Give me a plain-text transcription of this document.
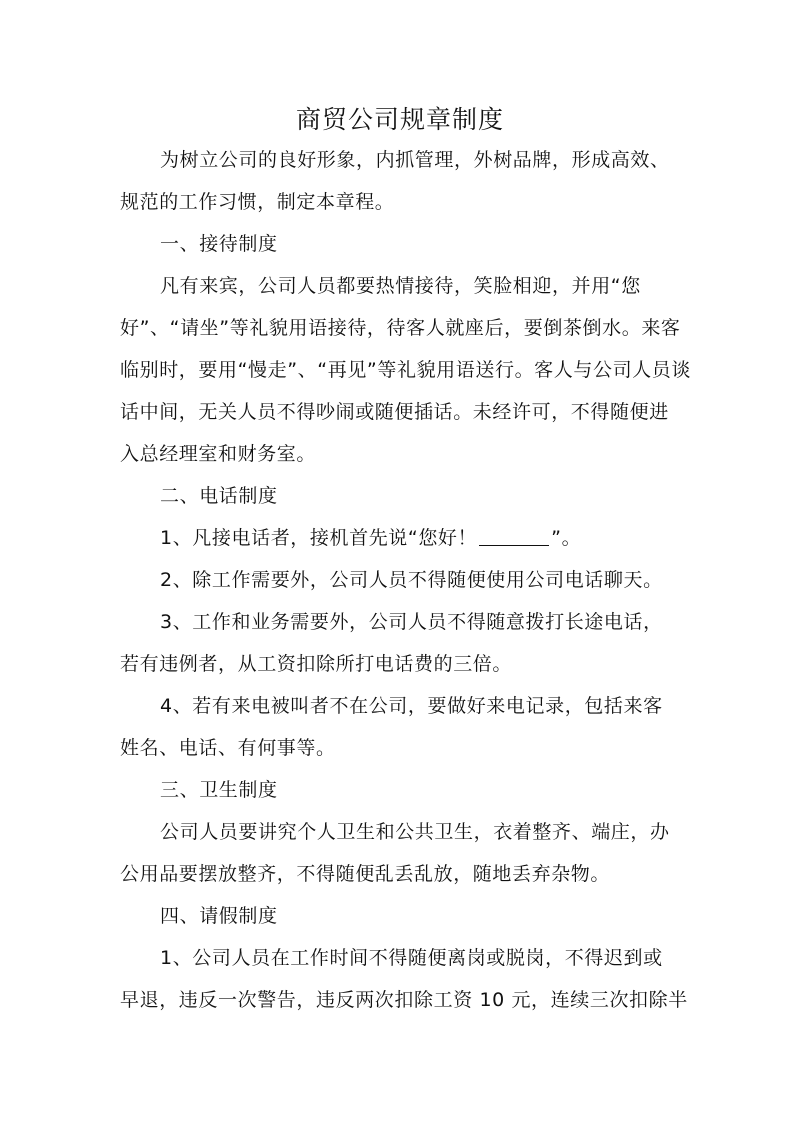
商贸公司规章制度
为树立公司的良好形象，内抓管理，外树品牌，形成高效、
规范的工作习惯，制定本章程。
一、接待制度
凡有来宾，公司人员都要热情接待，笑脸相迎，并用“您
好”、“请坐”等礼貌用语接待，待客人就座后，要倒茶倒水。来客
临别时，要用“慢走”、“再见”等礼貌用语送行。客人与公司人员谈
话中间，无关人员不得吵闹或随便插话。未经许可，不得随便进
入总经理室和财务室。
二、电话制度
1、凡接电话者，接机首先说“您好！	”。
2、除工作需要外，公司人员不得随便使用公司电话聊天。
3、工作和业务需要外，公司人员不得随意拨打长途电话，
若有违例者，从工资扣除所打电话费的三倍。
4、若有来电被叫者不在公司，要做好来电记录，包括来客
姓名、电话、有何事等。
三、卫生制度
公司人员要讲究个人卫生和公共卫生，衣着整齐、端庄，办
公用品要摆放整齐，不得随便乱丢乱放，随地丢弃杂物。
四、请假制度
1、公司人员在工作时间不得随便离岗或脱岗，不得迟到或
早退，违反一次警告，违反两次扣除工资 10 元，连续三次扣除半
